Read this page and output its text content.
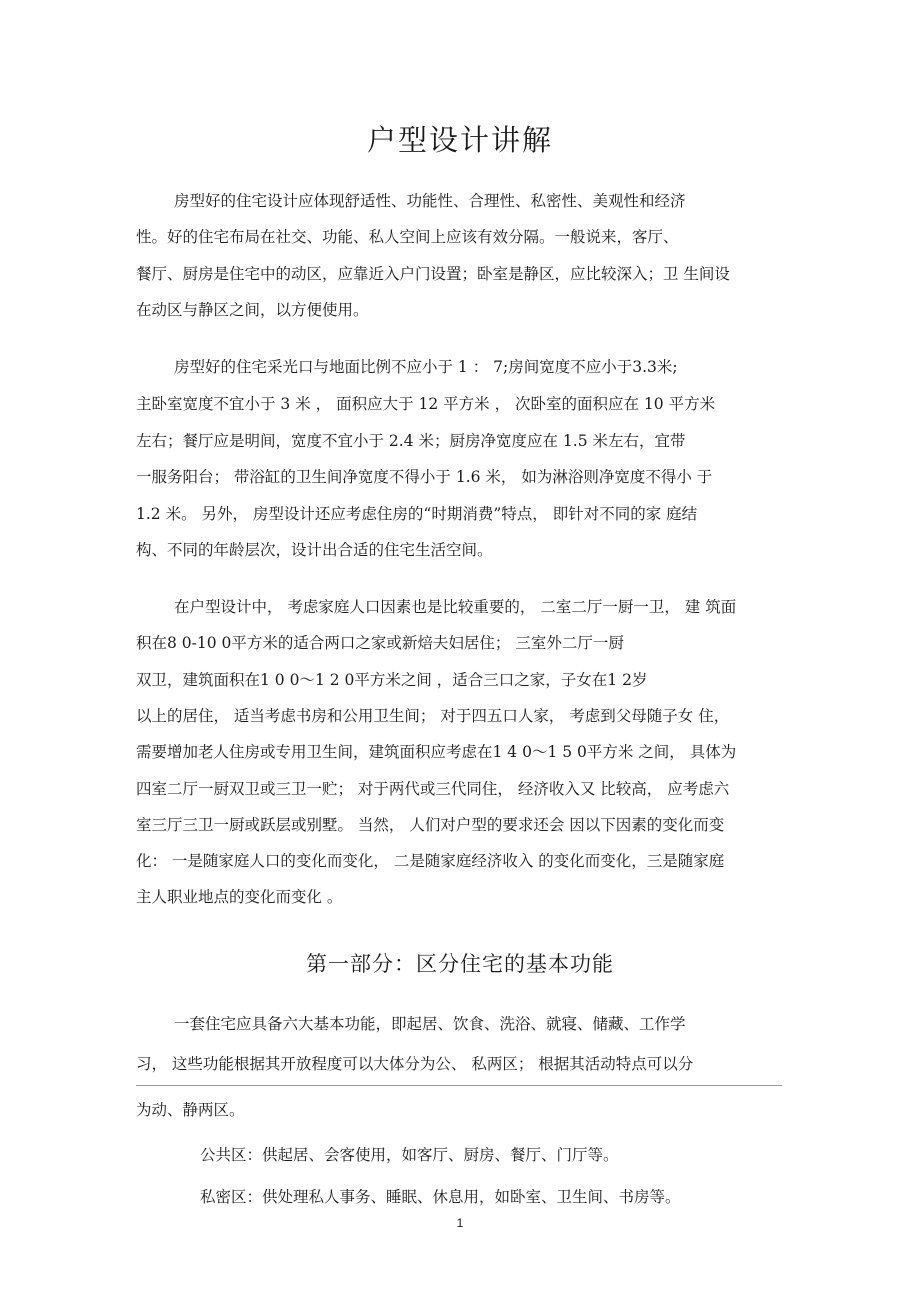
户型设计讲解
房型好的住宅设计应体现舒适性、功能性、合理性、私密性、美观性和经济
性。好的住宅布局在社交、功能、私人空间上应该有效分隔。一般说来，客厅、
餐厅、厨房是住宅中的动区，应靠近入户门设置；卧室是静区，应比较深入；卫 生间设
在动区与静区之间，以方便使用。
房型好的住宅采光口与地面比例不应小于 1 ： 7;房间宽度不应小于3.3米;
主卧室宽度不宜小于 3 米 ， 面积应大于 12 平方米 ， 次卧室的面积应在 10 平方米
左右；餐厅应是明间，宽度不宜小于 2.4 米；厨房净宽度应在 1.5 米左右，宜带
一服务阳台； 带浴缸的卫生间净宽度不得小于 1.6 米， 如为淋浴则净宽度不得小 于
1.2 米。 另外， 房型设计还应考虑住房的“时期消费”特点， 即针对不同的家 庭结
构、不同的年龄层次，设计出合适的住宅生活空间。
在户型设计中， 考虑家庭人口因素也是比较重要的， 二室二厅一厨一卫， 建 筑面
积在8 0-10 0平方米的适合两口之家或新焙夫妇居住； 三室外二厅一厨
双卫，建筑面积在1 0 0～1 2 0平方米之间 ，适合三口之家，子女在1 2岁
以上的居住， 适当考虑书房和公用卫生间； 对于四五口人家， 考虑到父母随子女 住，
需要增加老人住房或专用卫生间，建筑面积应考虑在1 4 0～1 5 0平方米 之间， 具体为
四室二厅一厨双卫或三卫一贮； 对于两代或三代同住， 经济收入又 比较高， 应考虑六
室三厅三卫一厨或跃层或别墅。 当然， 人们对户型的要求还会 因以下因素的变化而变
化： 一是随家庭人口的变化而变化， 二是随家庭经济收入 的变化而变化，三是随家庭
主人职业地点的变化而变化 。
第一部分：区分住宅的基本功能
一套住宅应具备六大基本功能，即起居、饮食、洗浴、就寝、储藏、工作学
习， 这些功能根据其开放程度可以大体分为公、 私两区； 根据其活动特点可以分
为动、静两区。
公共区：供起居、会客使用，如客厅、厨房、餐厅、门厅等。
私密区：供处理私人事务、睡眠、休息用，如卧室、卫生间、书房等。
1
